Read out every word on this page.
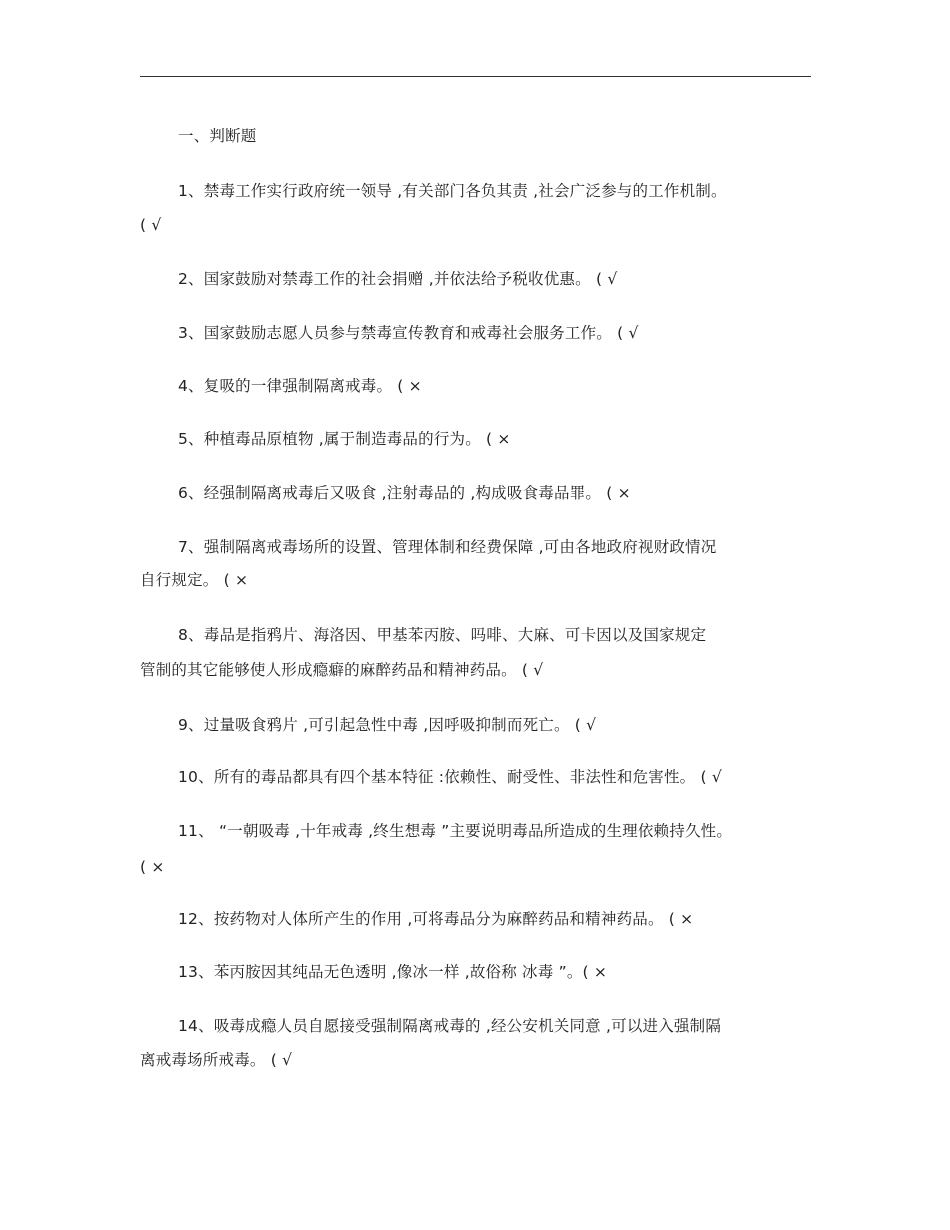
一、判断题
1、禁毒工作实行政府统一领导 ,有关部门各负其责 ,社会广泛参与的工作机制。
( √
2、国家鼓励对禁毒工作的社会捐赠 ,并依法给予税收优惠。 ( √
3、国家鼓励志愿人员参与禁毒宣传教育和戒毒社会服务工作。 ( √
4、复吸的一律强制隔离戒毒。 ( ×
5、种植毒品原植物 ,属于制造毒品的行为。 ( ×
6、经强制隔离戒毒后又吸食 ,注射毒品的 ,构成吸食毒品罪。 ( ×
7、强制隔离戒毒场所的设置、管理体制和经费保障 ,可由各地政府视财政情况
自行规定。 ( ×
8、毒品是指鸦片、海洛因、甲基苯丙胺、吗啡、大麻、可卡因以及国家规定
管制的其它能够使人形成瘾癖的麻醉药品和精神药品。 ( √
9、过量吸食鸦片 ,可引起急性中毒 ,因呼吸抑制而死亡。 ( √
10、所有的毒品都具有四个基本特征 :依赖性、耐受性、非法性和危害性。 ( √
11、 “一朝吸毒 ,十年戒毒 ,终生想毒 ”主要说明毒品所造成的生理依赖持久性。
( ×
12、按药物对人体所产生的作用 ,可将毒品分为麻醉药品和精神药品。 ( ×
13、苯丙胺因其纯品无色透明 ,像冰一样 ,故俗称 冰毒 ”。( ×
14、吸毒成瘾人员自愿接受强制隔离戒毒的 ,经公安机关同意 ,可以进入强制隔
离戒毒场所戒毒。 ( √
